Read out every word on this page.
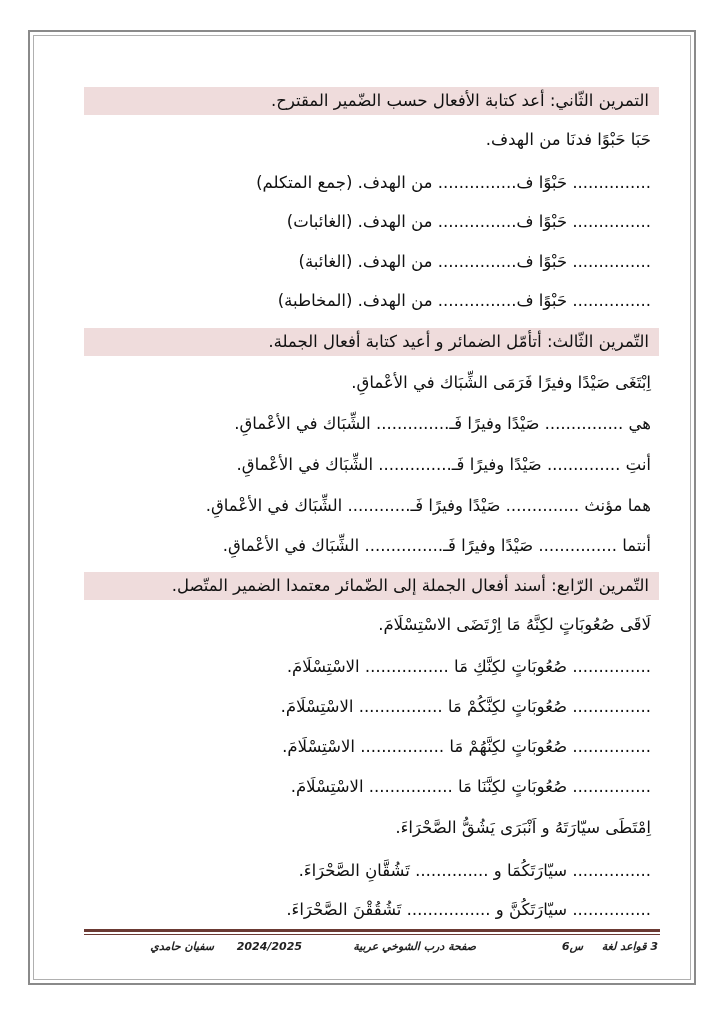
التمرين الثّاني: أعد كتابة الأفعال حسب الضّمير المقترح.
حَبَا حَبْوًا فدنَا من الهدف.
............... حَبْوًا ف............... من الهدف. (جمع المتكلم)
............... حَبْوًا ف............... من الهدف. (الغائبات)
............... حَبْوًا ف............... من الهدف. (الغائبة)
............... حَبْوًا ف............... من الهدف. (المخاطبة)
التّمرين الثّالث: أتأمّل الضمائر و أعيد كتابة أفعال الجملة.
اِبْتَغَى صَيْدًا وفيرًا فَرَمَى الشِّبَاك في الأعْماقِ.
هي ............... صَيْدًا وفيرًا فَـ.............. الشِّبَاك في الأعْماقِ.
أنتِ .............. صَيْدًا وفيرًا فَـ.............. الشِّبَاك في الأعْماقِ.
هما مؤنث .............. صَيْدًا وفيرًا فَـ............ الشِّبَاك في الأعْماقِ.
أنتما ............... صَيْدًا وفيرًا فَـ............... الشِّبَاك في الأعْماقِ.
التّمرين الرّابع: أسند أفعال الجملة إلى الضّمائر معتمدا الضمير المتّصل.
لَاقَى صُعُوبَاتٍ لكِنَّهُ مَا اِرْتَضَى الاسْتِسْلَامَ.
............... صُعُوبَاتٍ لكِنَّكِ مَا ................ الاسْتِسْلَامَ.
............... صُعُوبَاتٍ لكِنَّكُمْ مَا ................ الاسْتِسْلَامَ.
............... صُعُوبَاتٍ لكِنَّهُمْ مَا ................ الاسْتِسْلَامَ.
............... صُعُوبَاتٍ لكِنَّنَا مَا ................ الاسْتِسْلَامَ.
اِمْتَطَى سيّارَتَهُ و اَنْبَرَى يَشُقُّ الصَّحْرَاءَ.
............... سيّارَتَكُمَا و .............. تَشُقَّانِ الصَّحْرَاءَ.
............... سيّارَتَكُنَّ و ................ تَشُقُقْنَ الصَّحْرَاءَ.
3 قواعد لغة
س6
صفحة درب الشوخي عربية
2024/2025
سفيان حامدي
